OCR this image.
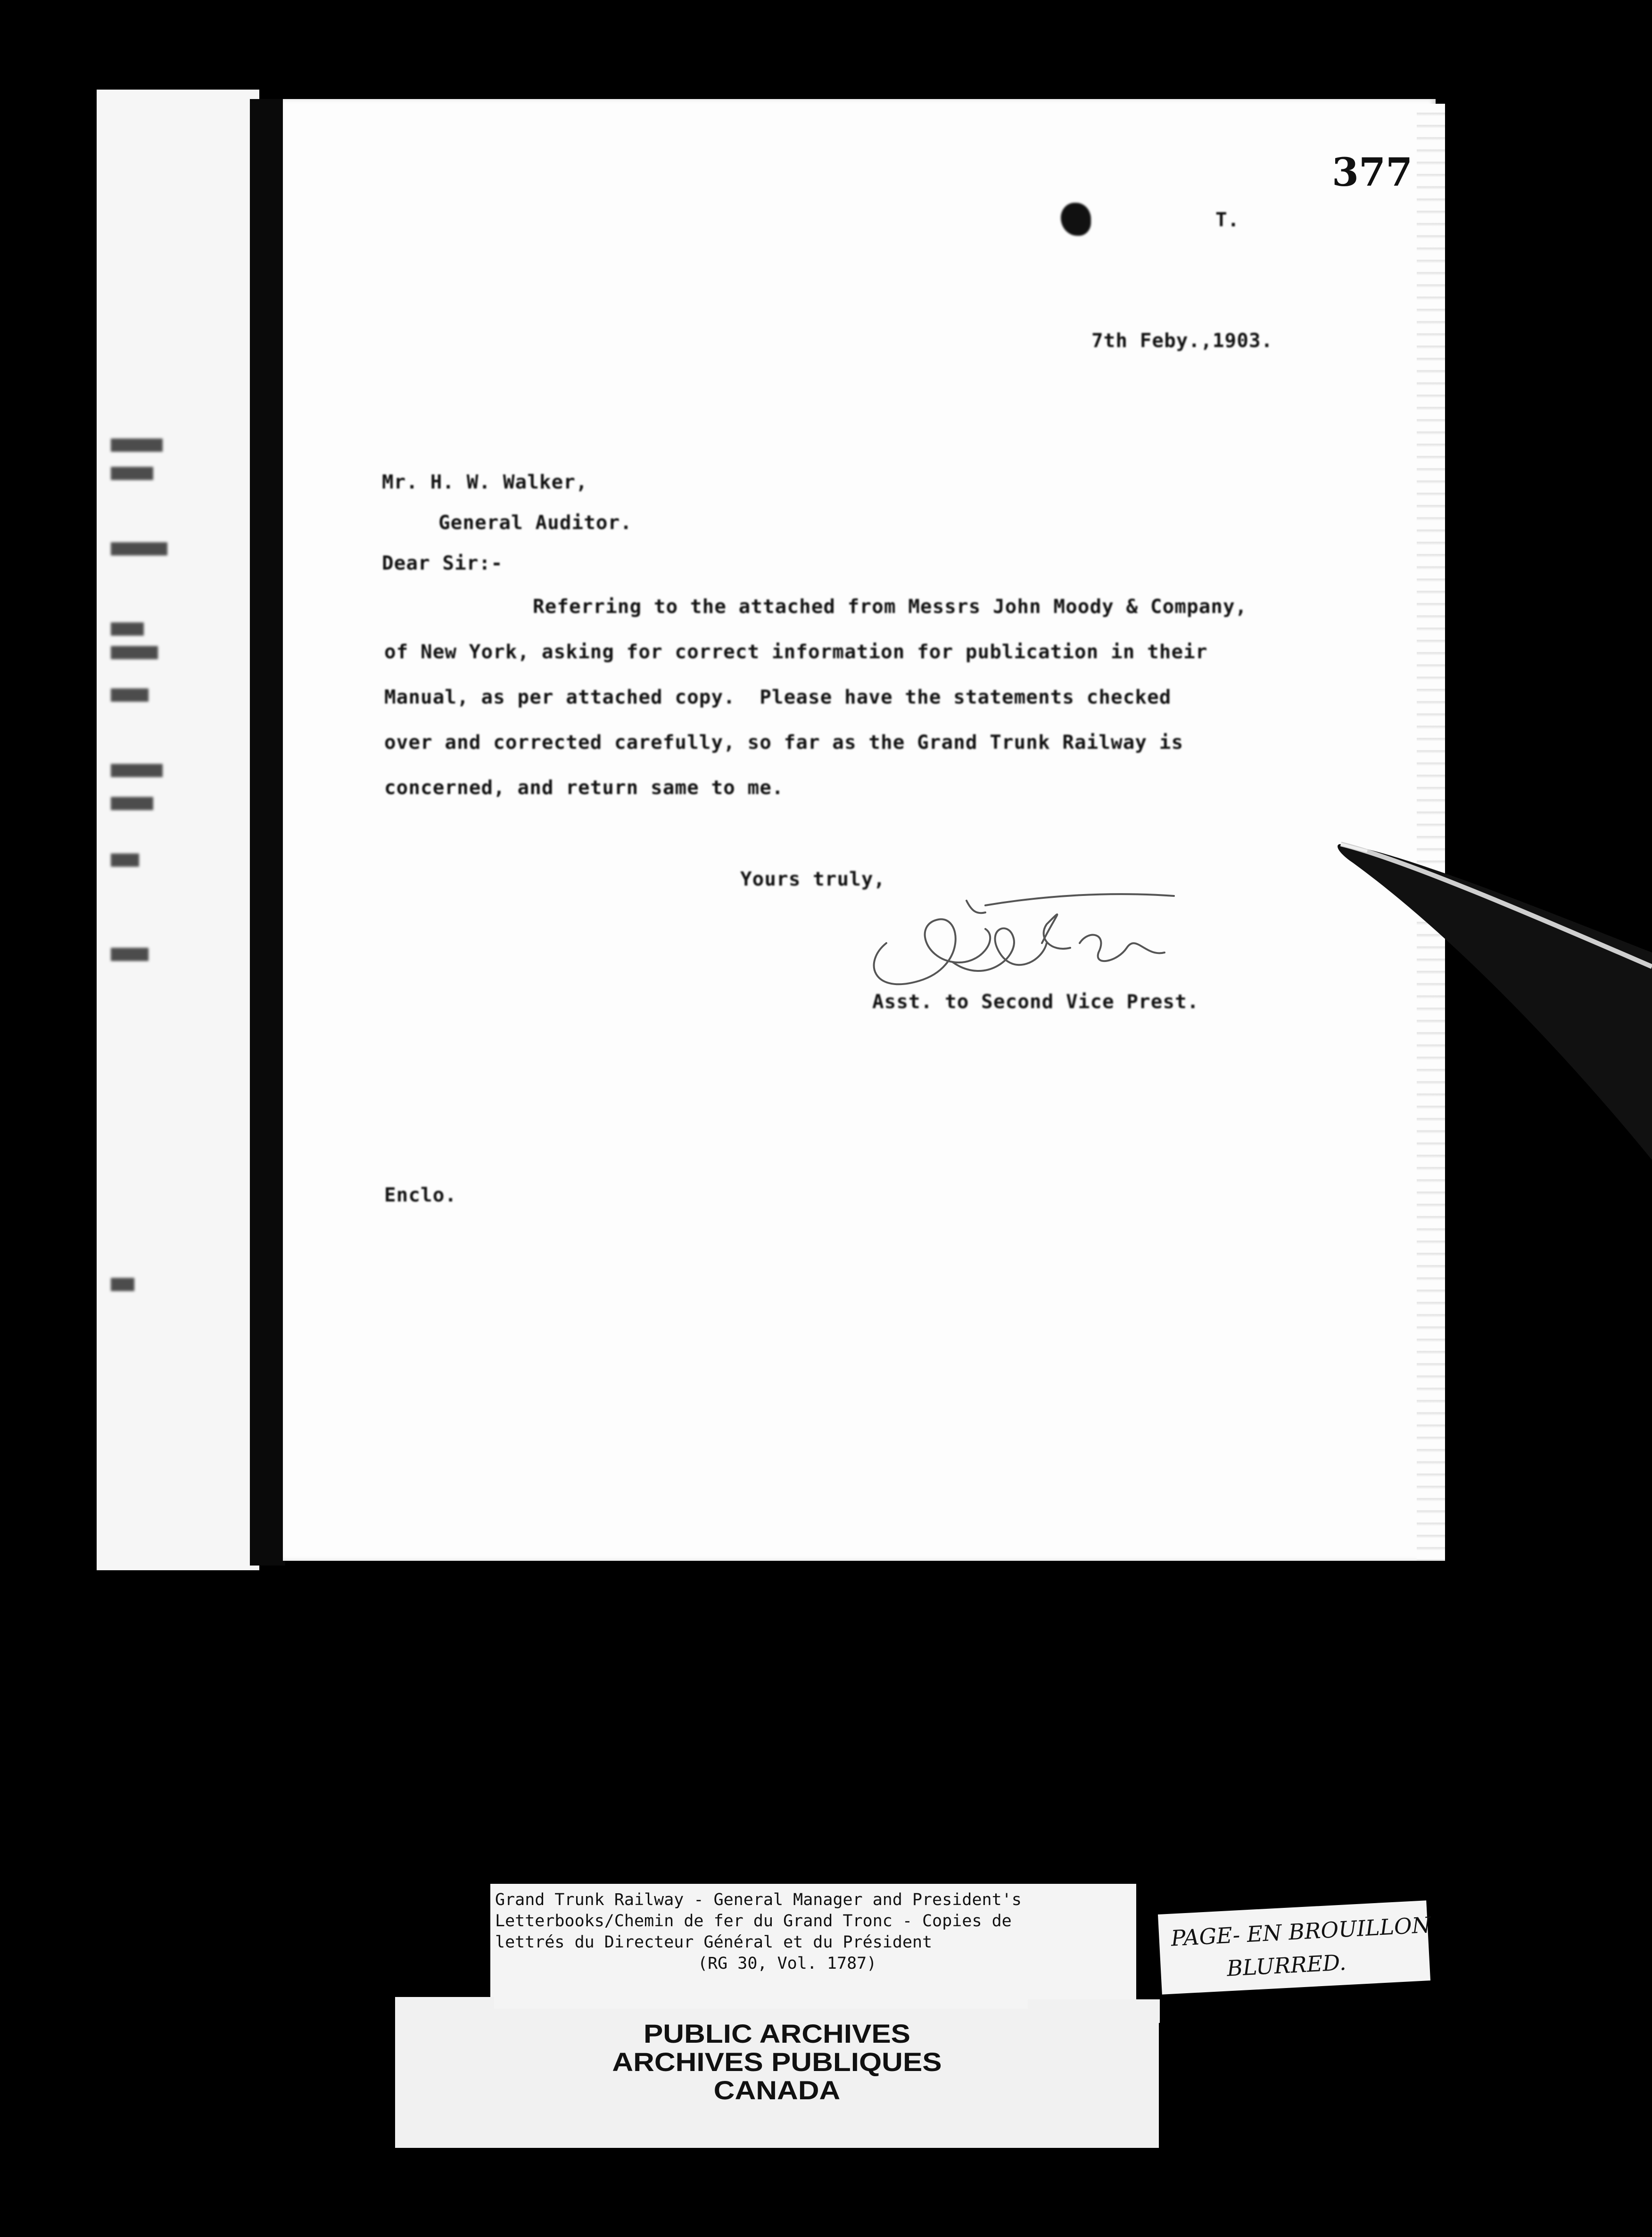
377
T.
7th Feby.,1903.
Mr. H. W. Walker,
General Auditor.
Dear Sir:-
Referring to the attached from Messrs John Moody & Company,
of New York, asking for correct information for publication in their
Manual, as per attached copy.  Please have the statements checked
over and corrected carefully, so far as the Grand Trunk Railway is
concerned, and return same to me.
Yours truly,
Asst. to Second Vice Prest.
Enclo.
Grand Trunk Railway - General Manager and President's
Letterbooks/Chemin de fer du Grand Tronc - Copies de
lettrés du Directeur Général et du Président
(RG 30, Vol. 1787)
PAGE- EN BROUILLON
BLURRED.
PUBLIC ARCHIVES
ARCHIVES PUBLIQUES
CANADA
